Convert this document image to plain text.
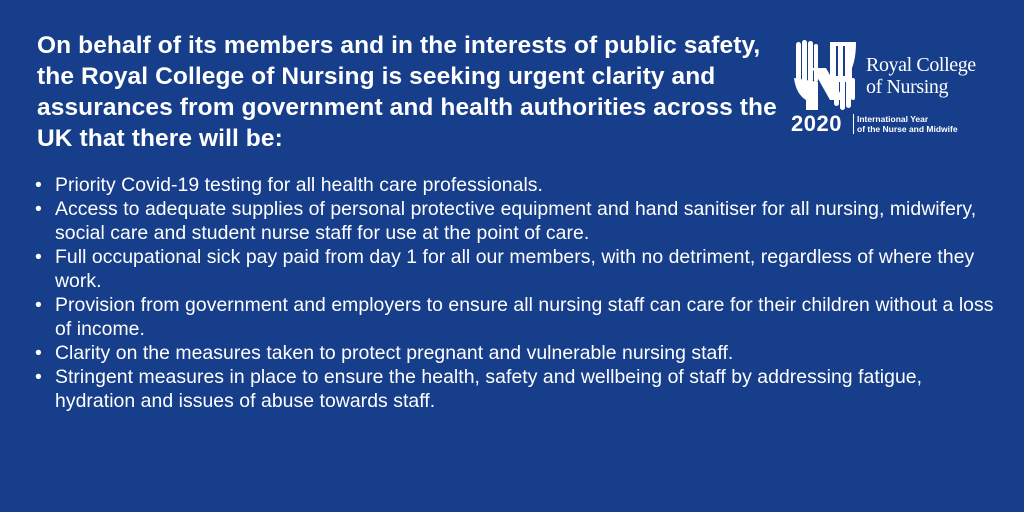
On behalf of its members and in the interests of public safety, the Royal College of Nursing is seeking urgent clarity and assurances from government and health authorities across the UK that there will be:

Royal College
of Nursing
2020 International Year
of the Nurse and Midwife
• Priority Covid-19 testing for all health care professionals.
• Access to adequate supplies of personal protective equipment and hand sanitiser for all nursing, midwifery, social care and student nurse staff for use at the point of care.
• Full occupational sick pay paid from day 1 for all our members, with no detriment, regardless of where they work.
• Provision from government and employers to ensure all nursing staff can care for their children without a loss of income.
• Clarity on the measures taken to protect pregnant and vulnerable nursing staff.
• Stringent measures in place to ensure the health, safety and wellbeing of staff by addressing fatigue, hydration and issues of abuse towards staff.
